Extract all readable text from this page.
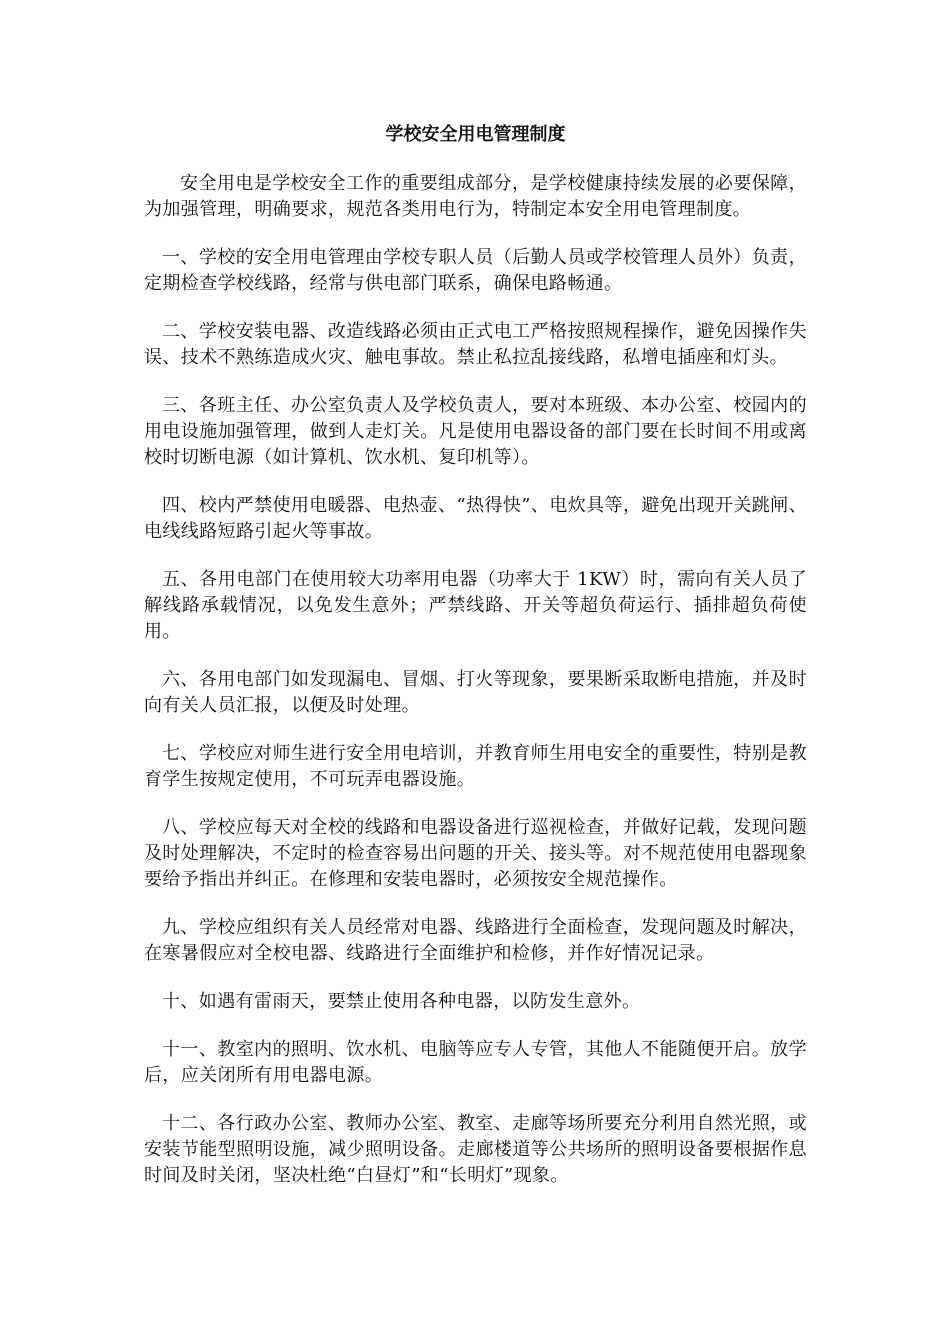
学校安全用电管理制度

安全用电是学校安全工作的重要组成部分，是学校健康持续发展的必要保障，为加强管理，明确要求，规范各类用电行为，特制定本安全用电管理制度。

一、学校的安全用电管理由学校专职人员（后勤人员或学校管理人员外）负责，定期检查学校线路，经常与供电部门联系，确保电路畅通。

二、学校安装电器、改造线路必须由正式电工严格按照规程操作，避免因操作失误、技术不熟练造成火灾、触电事故。禁止私拉乱接线路，私增电插座和灯头。

三、各班主任、办公室负责人及学校负责人，要对本班级、本办公室、校园内的用电设施加强管理，做到人走灯关。凡是使用电器设备的部门要在长时间不用或离校时切断电源（如计算机、饮水机、复印机等）。

四、校内严禁使用电暖器、电热壶、“热得快”、电炊具等，避免出现开关跳闸、电线线路短路引起火等事故。

五、各用电部门在使用较大功率用电器（功率大于 1KW）时，需向有关人员了解线路承载情况，以免发生意外；严禁线路、开关等超负荷运行、插排超负荷使用。

六、各用电部门如发现漏电、冒烟、打火等现象，要果断采取断电措施，并及时向有关人员汇报，以便及时处理。

七、学校应对师生进行安全用电培训，并教育师生用电安全的重要性，特别是教育学生按规定使用，不可玩弄电器设施。

八、学校应每天对全校的线路和电器设备进行巡视检查，并做好记载，发现问题及时处理解决，不定时的检查容易出问题的开关、接头等。对不规范使用电器现象要给予指出并纠正。在修理和安装电器时，必须按安全规范操作。

九、学校应组织有关人员经常对电器、线路进行全面检查，发现问题及时解决，在寒暑假应对全校电器、线路进行全面维护和检修，并作好情况记录。

十、如遇有雷雨天，要禁止使用各种电器，以防发生意外。

十一、教室内的照明、饮水机、电脑等应专人专管，其他人不能随便开启。放学后，应关闭所有用电器电源。

十二、各行政办公室、教师办公室、教室、走廊等场所要充分利用自然光照，或安装节能型照明设施，减少照明设备。走廊楼道等公共场所的照明设备要根据作息时间及时关闭，坚决杜绝“白昼灯”和“长明灯”现象。
